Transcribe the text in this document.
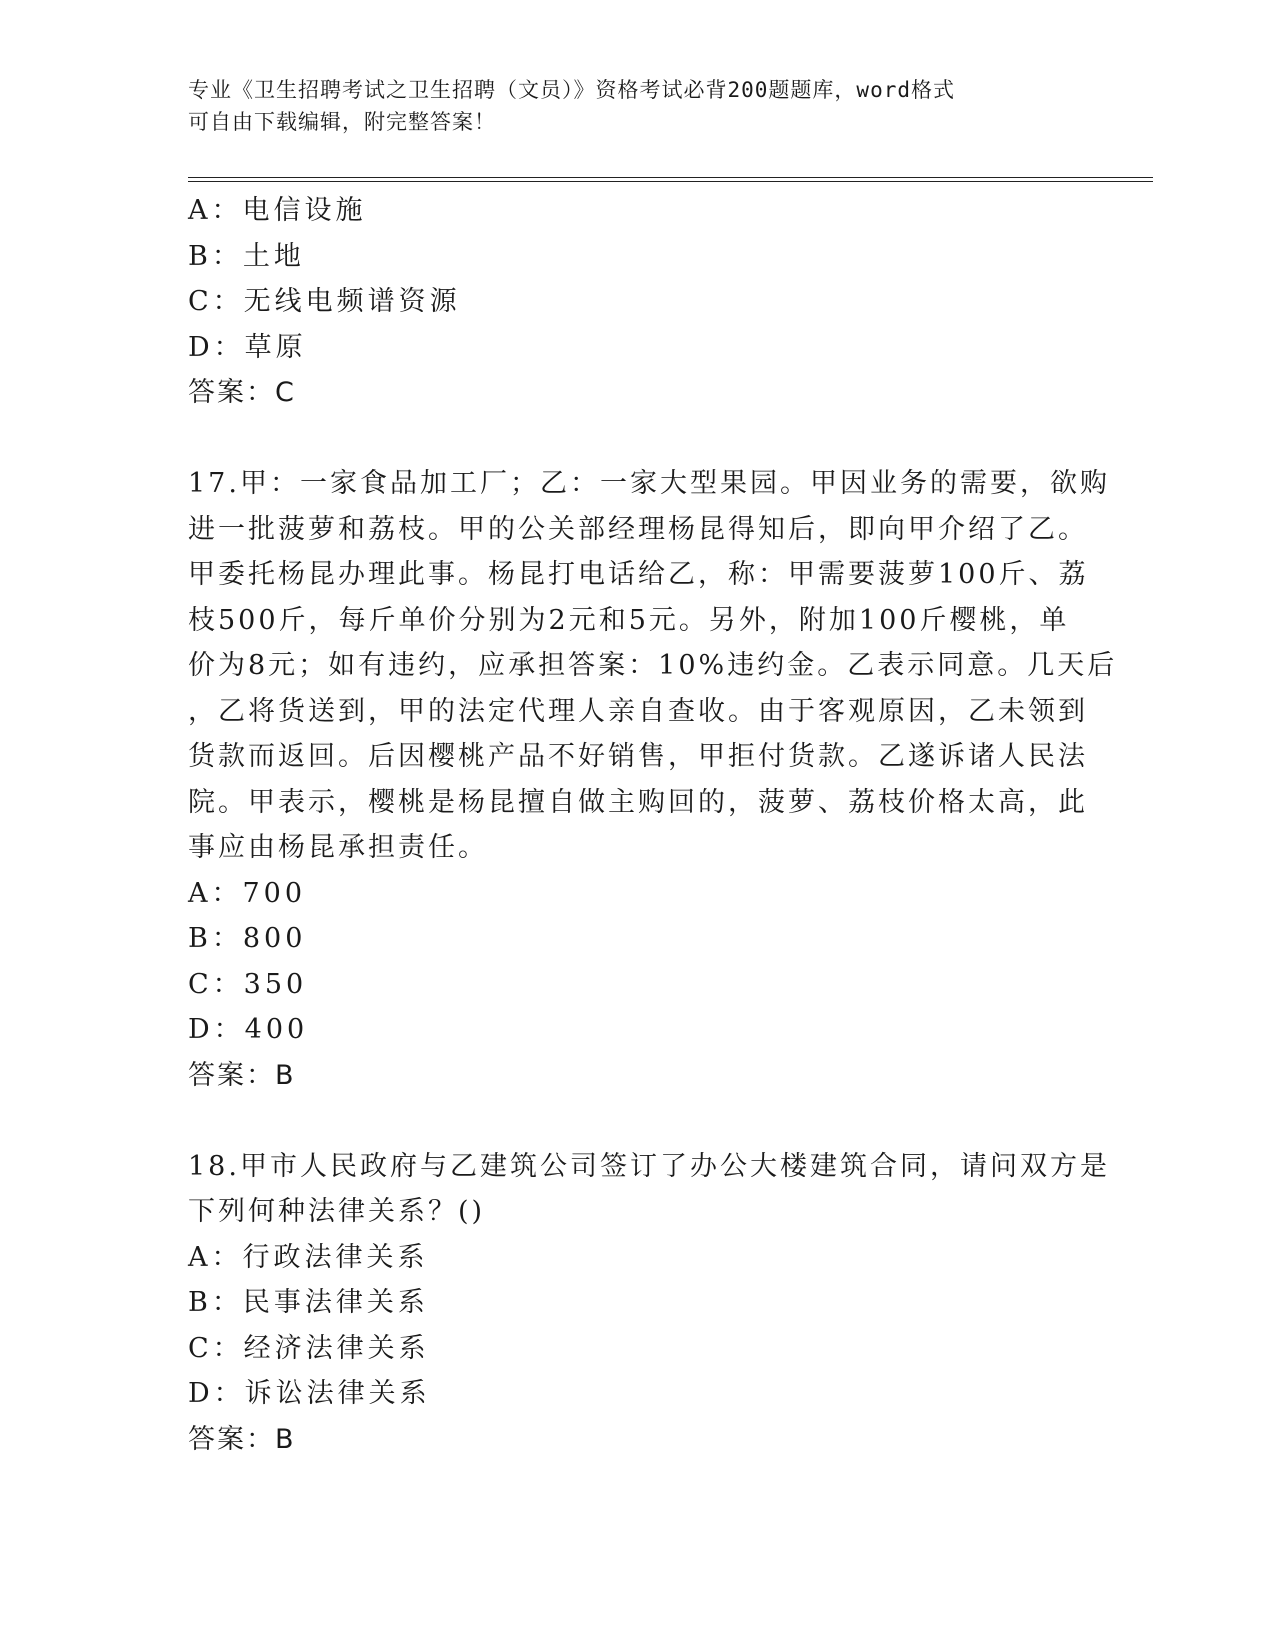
专业《卫生招聘考试之卫生招聘（文员）》资格考试必背200题题库，word格式
可自由下载编辑，附完整答案！
A：电信设施
B：土地
C：无线电频谱资源
D：草原
答案：C
17.甲：一家食品加工厂；乙：一家大型果园。甲因业务的需要，欲购
进一批菠萝和荔枝。甲的公关部经理杨昆得知后，即向甲介绍了乙。
甲委托杨昆办理此事。杨昆打电话给乙，称：甲需要菠萝100斤、荔
枝500斤，每斤单价分别为2元和5元。另外，附加100斤樱桃，单
价为8元；如有违约，应承担答案：10%违约金。乙表示同意。几天后
，乙将货送到，甲的法定代理人亲自查收。由于客观原因，乙未领到
货款而返回。后因樱桃产品不好销售，甲拒付货款。乙遂诉诸人民法
院。甲表示，樱桃是杨昆擅自做主购回的，菠萝、荔枝价格太高，此
事应由杨昆承担责任。
A：700
B：800
C：350
D：400
答案：B
18.甲市人民政府与乙建筑公司签订了办公大楼建筑合同，请问双方是
下列何种法律关系？()
A：行政法律关系
B：民事法律关系
C：经济法律关系
D：诉讼法律关系
答案：B
